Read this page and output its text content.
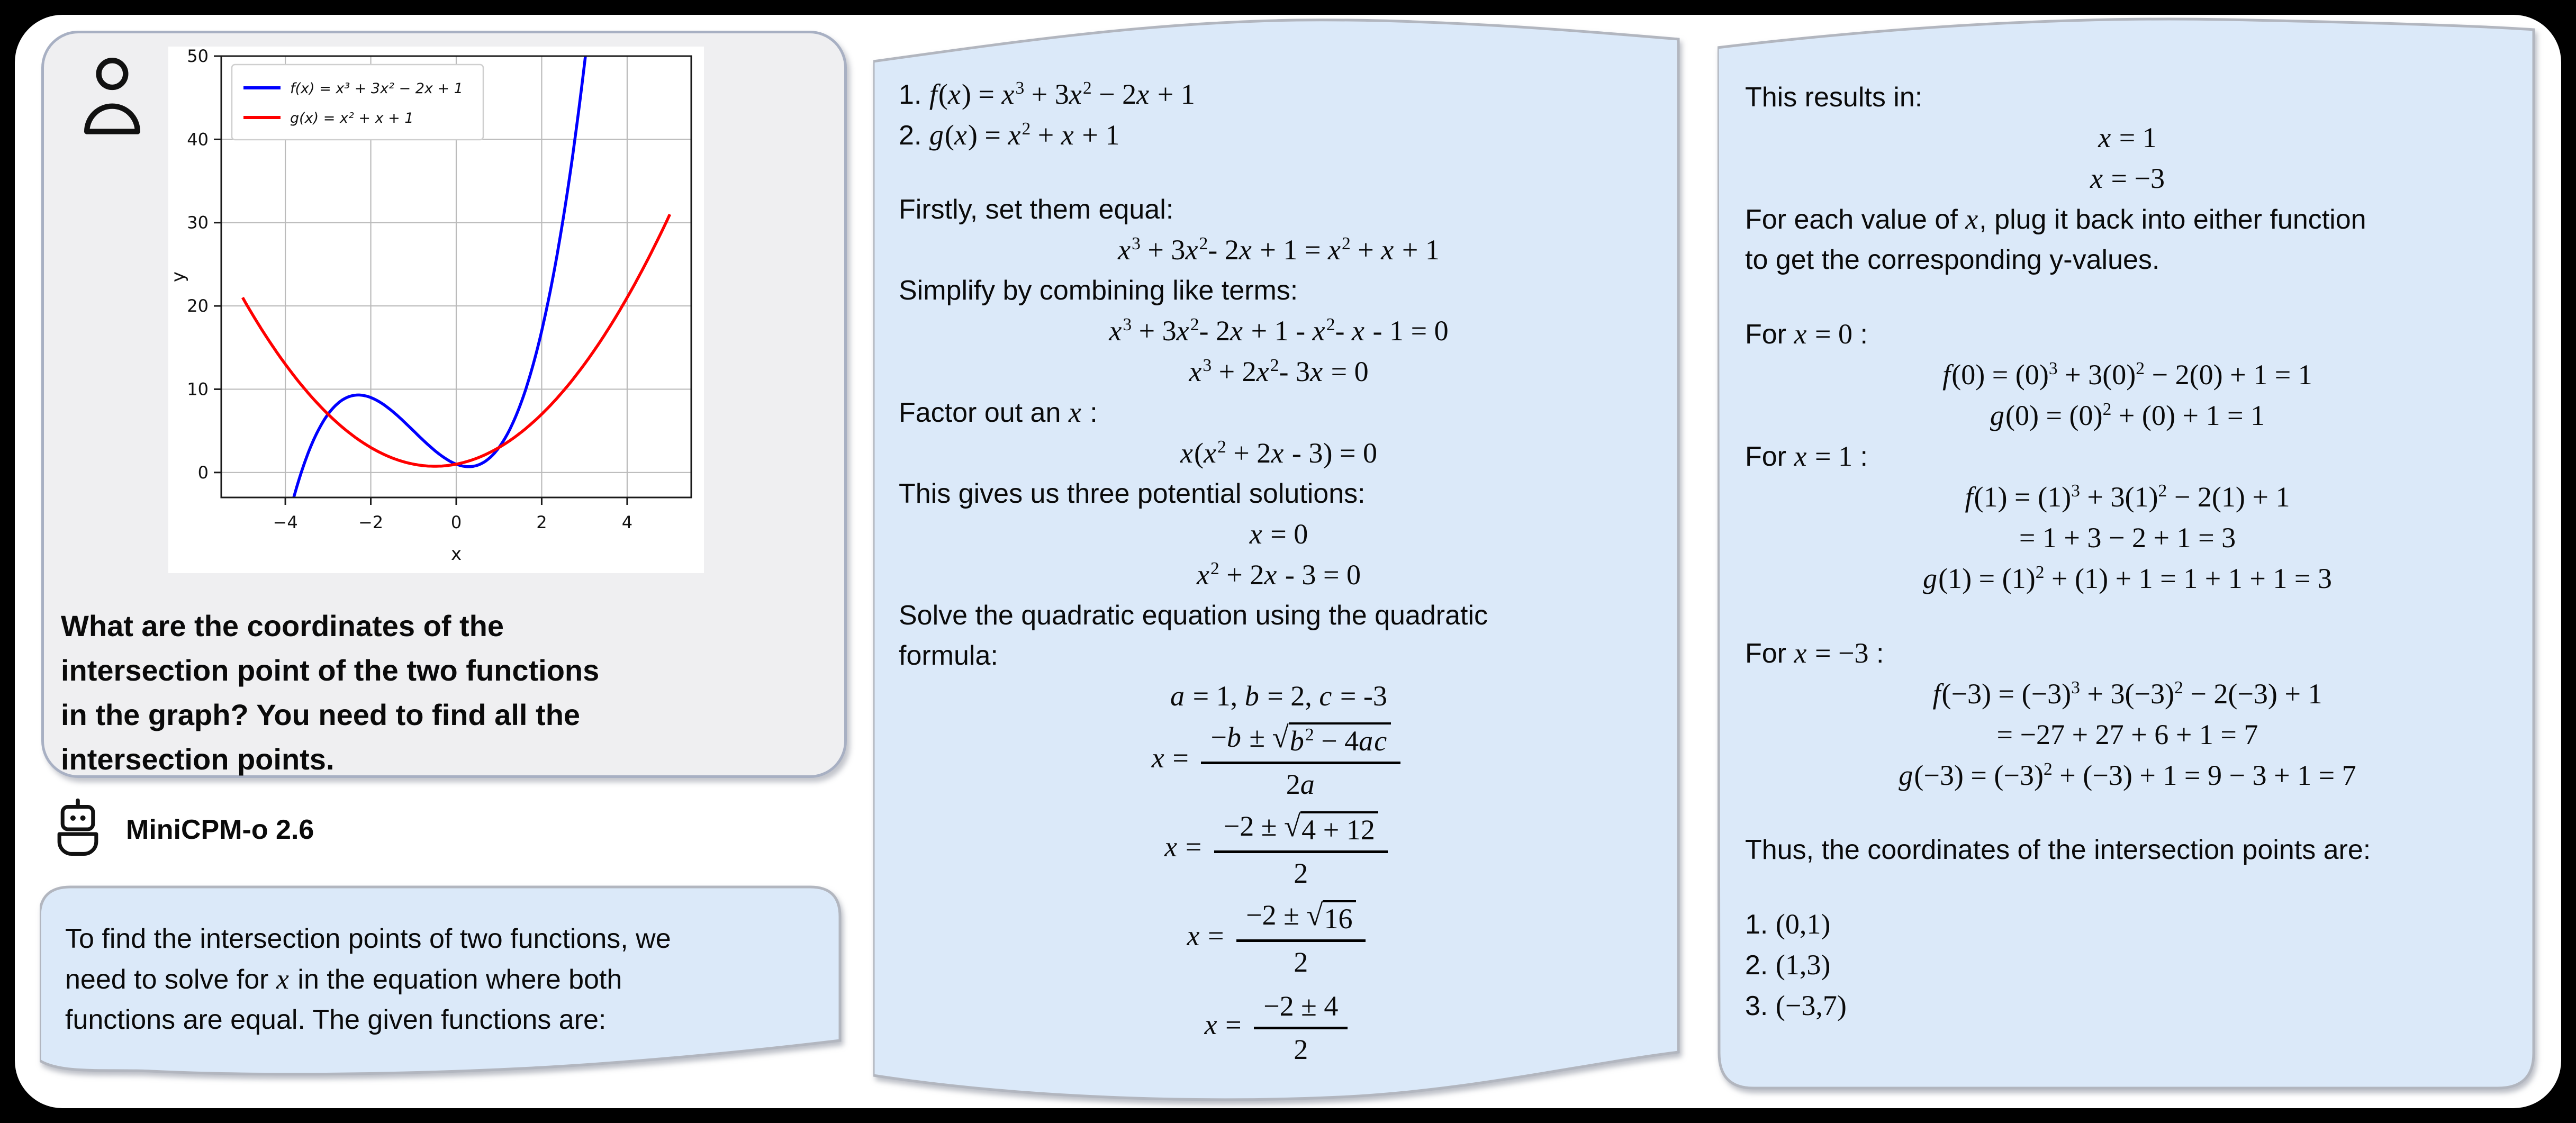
−4	−2	0	2	4
0
10
20
30
40
50
x
y
f(x) = x³ + 3x² − 2x + 1
g(x) = x² + x + 1
What are the coordinates of the
intersection point of the two functions
in the graph? You need to find all the
intersection points.
MiniCPM-o 2.6
To find the intersection points of two functions, we
need to solve for x in the equation where both
functions are equal. The given functions are:
1. $f(x) = x^3 + 3x^2 - 2x + 1$
2. $g(x) = x^2 + x + 1$
Firstly, set them equal:
$x^3 + 3x^2-$ $2x + 1 = x^2 + x + 1$
Simplify by combining like terms:
$x^3 + 3x^2-$ $2x + 1 - x^2-$ x - 1 = 0
$x^3 + 2x^2-$ 3x = 0
Factor out an x :
$x(x^2 + 2x - 3) = 0$
This gives us three potential solutions:
x = 0
$x^2 + 2x - 3 = 0$
Solve the quadratic equation using the quadratic
formula:
a = 1, b = 2, c = -3
$x = \frac{-b \pm √ b^2 - 4ac}{2a}$
$x = \frac{-2 \pm √ 4 + 12}{2}$
$x = \frac{-2 \pm √ 16}{2}$
$x = \frac{-2 \pm 4}{2}$
This results in:
x = 1
x = −3
For each value of x, plug it back into either function
to get the corresponding y-values.
For x = 0 :
$f(0) = (0)^3 + 3(0)^2 - 2(0) + 1 = 1$
$g(0) = (0)^2 + (0) + 1 = 1$
For x = 1 :
$f(1) = (1)^3 + 3(1)^2 - 2(1) + 1$
= 1 + 3 − 2 + 1 = 3
$g(1) = (1)^2 + (1) + 1 = 1 + 1 + 1 = 3$
For x = −3 :
$f(-3) = (-3)^3 + 3(-3)^2 - 2(-3) + 1$
= −27 + 27 + 6 + 1 = 7
$g(-3) = (-3)^2 + (-3) + 1 = 9 - 3 + 1 = 7$
Thus, the coordinates of the intersection points are:
1. (0,1)
2. (1,3)
3. (−3,7)
